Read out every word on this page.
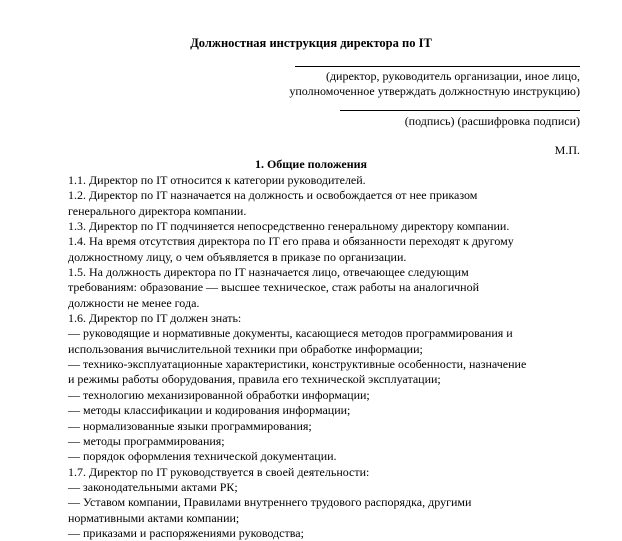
Должностная инструкция директора по IT
(директор, руководитель организации, иное лицо,
уполномоченное утверждать должностную инструкцию)
(подпись) (расшифровка подписи)
М.П.
1. Общие положения
1.1. Директор по IT относится к категории руководителей.
1.2. Директор по IT назначается на должность и освобождается от нее приказом
генерального директора компании.
1.3. Директор по IT подчиняется непосредственно генеральному директору компании.
1.4. На время отсутствия директора по IT его права и обязанности переходят к другому
должностному лицу, о чем объявляется в приказе по организации.
1.5. На должность директора по IT назначается лицо, отвечающее следующим
требованиям: образование — высшее техническое, стаж работы на аналогичной
должности не менее года.
1.6. Директор по IT должен знать:
— руководящие и нормативные документы, касающиеся методов программирования и
использования вычислительной техники при обработке информации;
— технико-эксплуатационные характеристики, конструктивные особенности, назначение
и режимы работы оборудования, правила его технической эксплуатации;
— технологию механизированной обработки информации;
— методы классификации и кодирования информации;
— нормализованные языки программирования;
— методы программирования;
— порядок оформления технической документации.
1.7. Директор по IT руководствуется в своей деятельности:
— законодательными актами РК;
— Уставом компании, Правилами внутреннего трудового распорядка, другими
нормативными актами компании;
— приказами и распоряжениями руководства;
